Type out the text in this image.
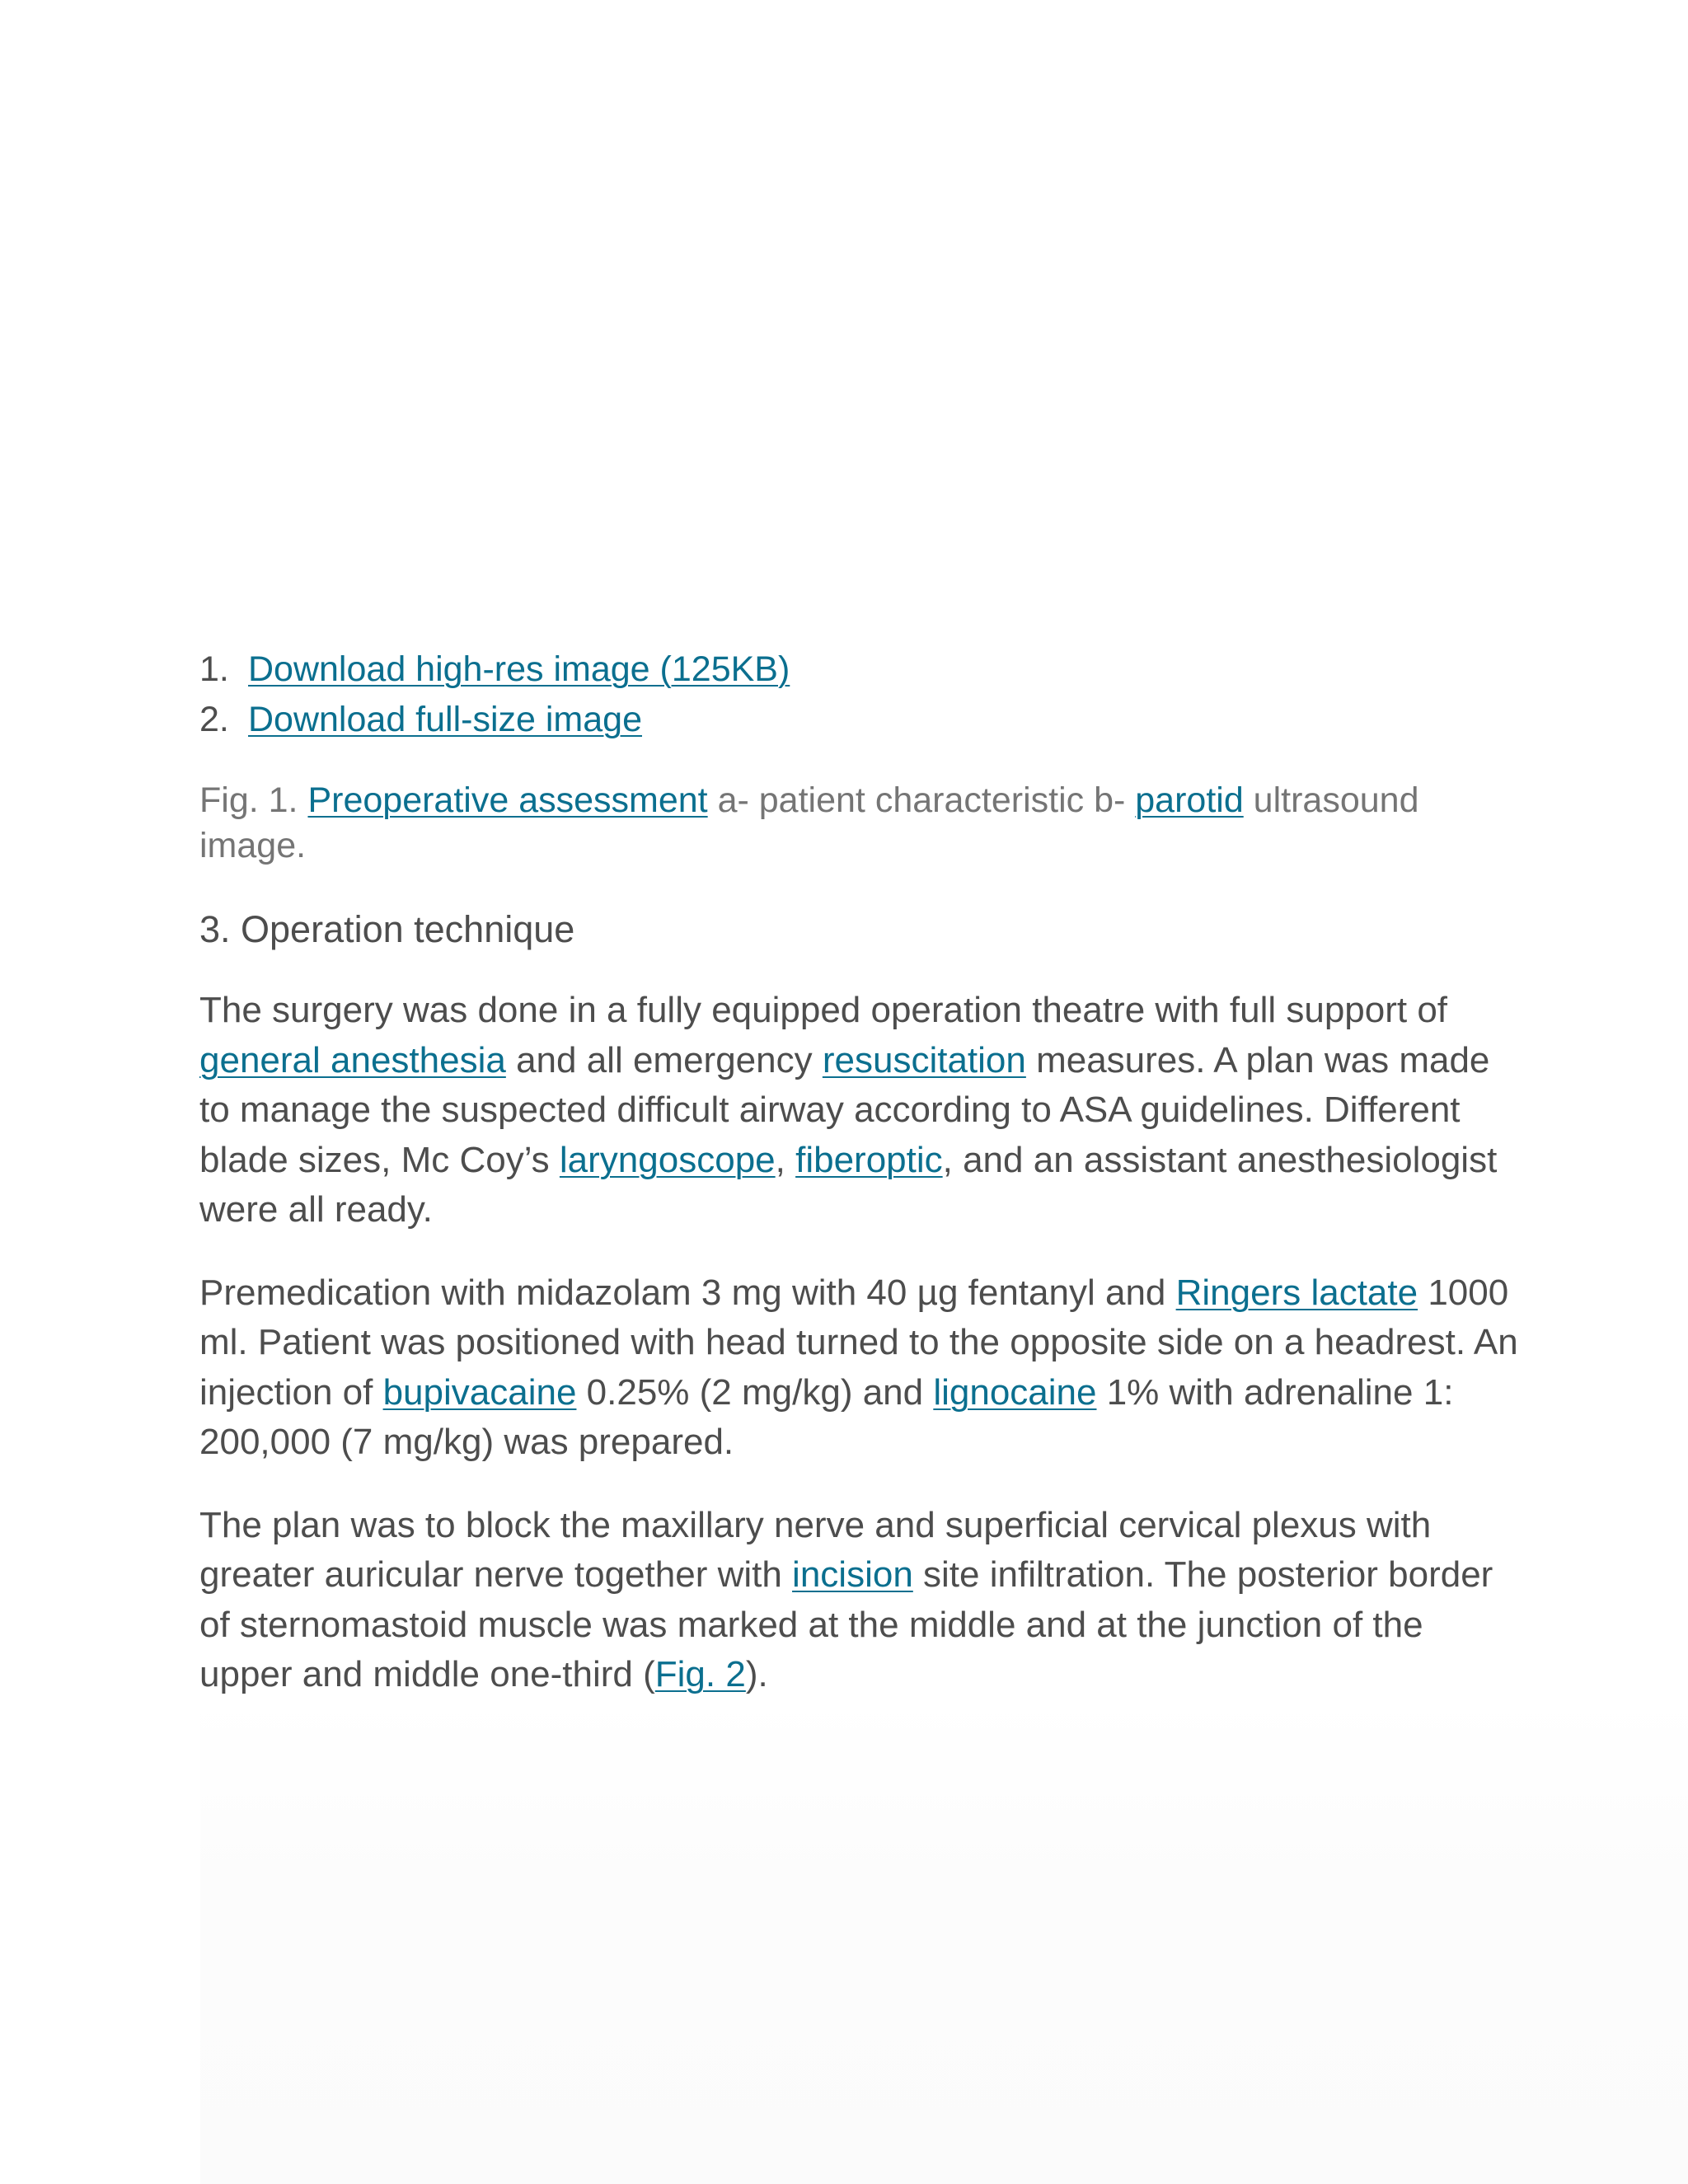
1. Download high-res image (125KB)
2. Download full-size image
Fig. 1. Preoperative assessment a- patient characteristic b- parotid ultrasound image.
3. Operation technique

The surgery was done in a fully equipped operation theatre with full support of general anesthesia and all emergency resuscitation measures. A plan was made to manage the suspected difficult airway according to ASA guidelines. Different blade sizes, Mc Coy’s laryngoscope, fiberoptic, and an assistant anesthesiologist were all ready.

Premedication with midazolam 3 mg with 40 µg fentanyl and Ringers lactate 1000 ml. Patient was positioned with head turned to the opposite side on a headrest. An injection of bupivacaine 0.25% (2 mg/kg) and lignocaine 1% with adrenaline 1: 200,000 (7 mg/kg) was prepared.

The plan was to block the maxillary nerve and superficial cervical plexus with greater auricular nerve together with incision site infiltration. The posterior border of sternomastoid muscle was marked at the middle and at the junction of the upper and middle one-third (Fig. 2).
